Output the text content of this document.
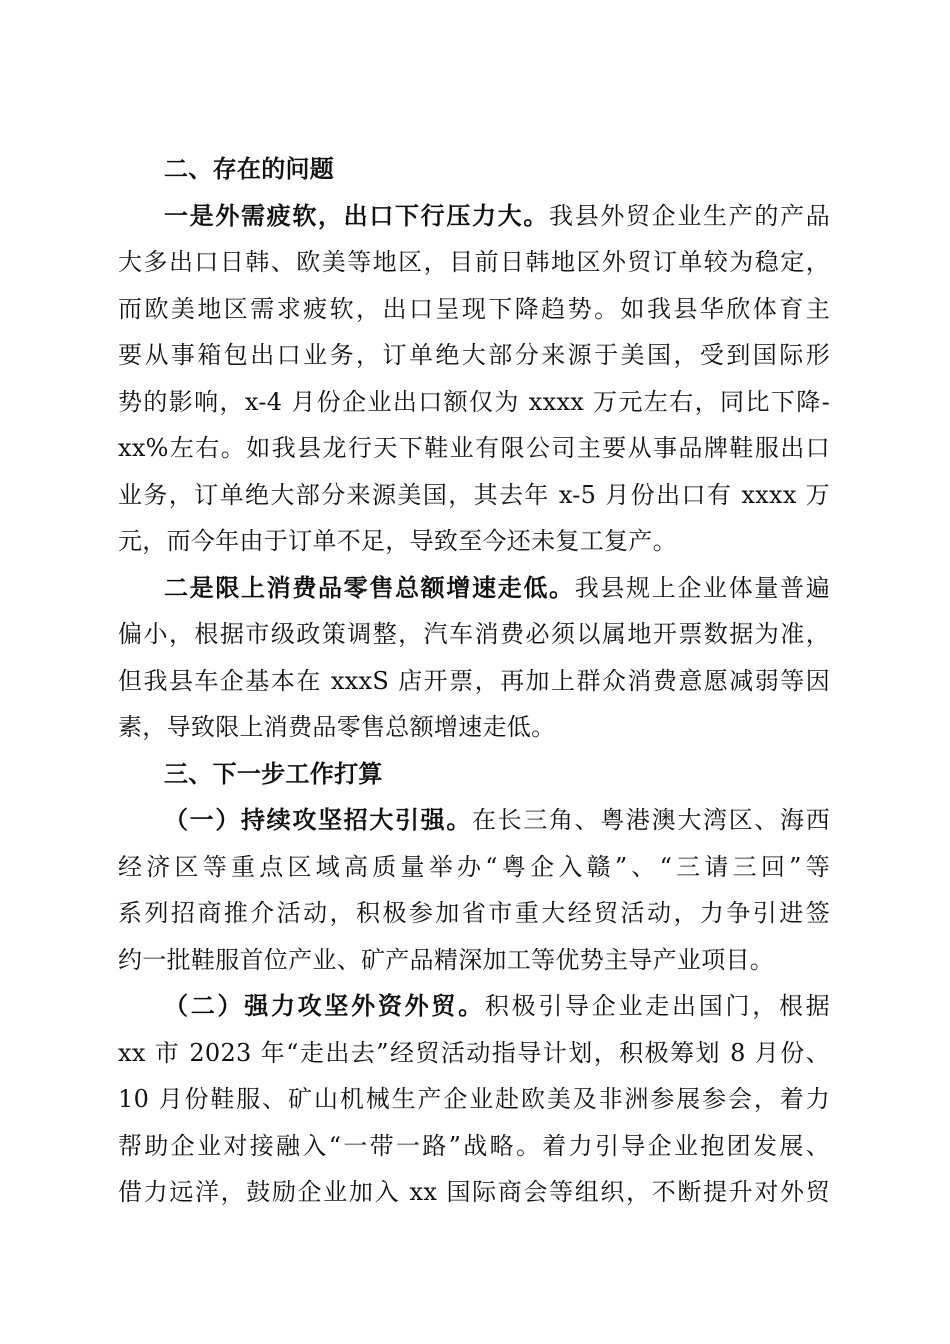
二、存在的问题
一是外需疲软，出口下行压力大。我县外贸企业生产的产品
大多出口日韩、欧美等地区，目前日韩地区外贸订单较为稳定，
而欧美地区需求疲软，出口呈现下降趋势。如我县华欣体育主
要从事箱包出口业务，订单绝大部分来源于美国，受到国际形
势的影响，x-4 月份企业出口额仅为 xxxx 万元左右，同比下降-
xx%左右。如我县龙行天下鞋业有限公司主要从事品牌鞋服出口
业务，订单绝大部分来源美国，其去年 x-5 月份出口有 xxxx 万
元，而今年由于订单不足，导致至今还未复工复产。
二是限上消费品零售总额增速走低。我县规上企业体量普遍
偏小，根据市级政策调整，汽车消费必须以属地开票数据为准，
但我县车企基本在 xxxS 店开票，再加上群众消费意愿减弱等因
素，导致限上消费品零售总额增速走低。
三、下一步工作打算
（一）持续攻坚招大引强。在长三角、粤港澳大湾区、海西
经济区等重点区域高质量举办“粤企入赣”、“三请三回”等
系列招商推介活动，积极参加省市重大经贸活动，力争引进签
约一批鞋服首位产业、矿产品精深加工等优势主导产业项目。
（二）强力攻坚外资外贸。积极引导企业走出国门，根据
xx 市 2023 年“走出去”经贸活动指导计划，积极筹划 8 月份、
10 月份鞋服、矿山机械生产企业赴欧美及非洲参展参会，着力
帮助企业对接融入“一带一路”战略。着力引导企业抱团发展、
借力远洋，鼓励企业加入 xx 国际商会等组织，不断提升对外贸
